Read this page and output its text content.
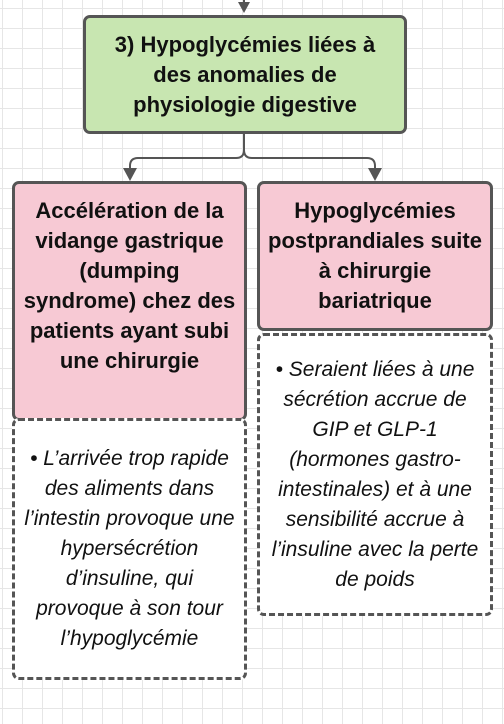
3) Hypoglycémies liées à des anomalies de physiologie digestive
Accélération de la vidange gastrique (dumping syndrome) chez des patients ayant subi une chirurgie
Hypoglycémies postprandiales suite à chirurgie bariatrique
• L’arrivée trop rapide des aliments dans l’intestin provoque une hypersécrétion d’insuline, qui provoque à son tour l’hypoglycémie
• Seraient liées à une sécrétion accrue de GIP et GLP-1 (hormones gastro-intestinales) et à une sensibilité accrue à l’insuline avec la perte de poids
